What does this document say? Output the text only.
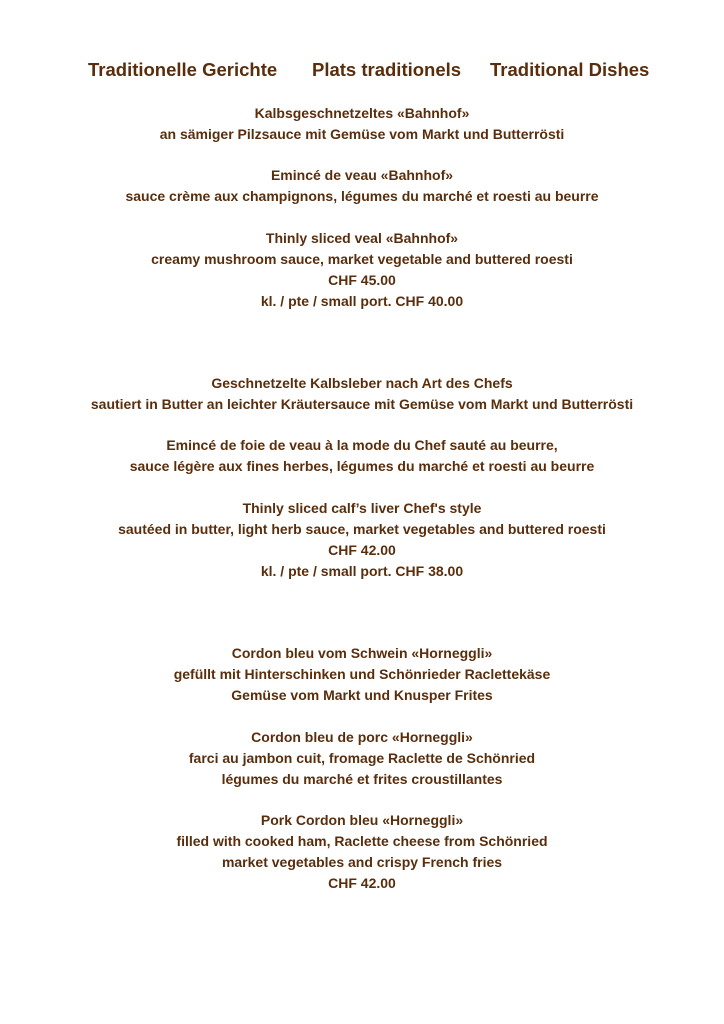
Traditionelle Gerichte Plats traditionels Traditional Dishes
Kalbsgeschnetzeltes «Bahnhof»
an sämiger Pilzsauce mit Gemüse vom Markt und Butterrösti
Emincé de veau «Bahnhof»
sauce crème aux champignons, légumes du marché et roesti au beurre
Thinly sliced veal «Bahnhof»
creamy mushroom sauce, market vegetable and buttered roesti
CHF 45.00
kl. / pte / small port. CHF 40.00
Geschnetzelte Kalbsleber nach Art des Chefs
sautiert in Butter an leichter Kräutersauce mit Gemüse vom Markt und Butterrösti
Emincé de foie de veau à la mode du Chef sauté au beurre,
sauce légère aux fines herbes, légumes du marché et roesti au beurre
Thinly sliced calf’s liver Chef's style
sautéed in butter, light herb sauce, market vegetables and buttered roesti
CHF 42.00
kl. / pte / small port. CHF 38.00
Cordon bleu vom Schwein «Horneggli»
gefüllt mit Hinterschinken und Schönrieder Raclettekäse
Gemüse vom Markt und Knusper Frites
Cordon bleu de porc «Horneggli»
farci au jambon cuit, fromage Raclette de Schönried
légumes du marché et frites croustillantes
Pork Cordon bleu «Horneggli»
filled with cooked ham, Raclette cheese from Schönried
market vegetables and crispy French fries
CHF 42.00
